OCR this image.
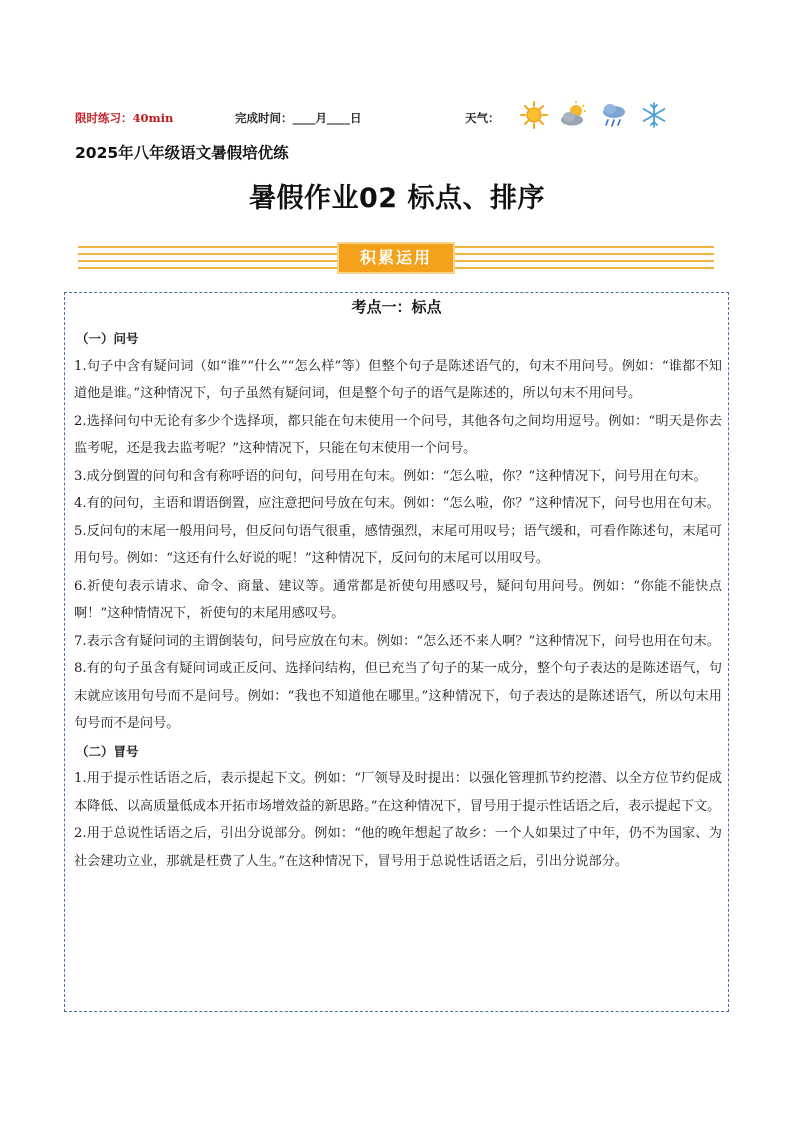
限时练习：40min	完成时间：____月____日	天气：
2025年八年级语文暑假培优练
暑假作业02 标点、排序
积累运用
考点一：标点

（一）问号

1.句子中含有疑问词（如“谁”“什么”“怎么样”等）但整个句子是陈述语气的，句末不用问号。例如：“谁都不知道他是谁。”这种情况下，句子虽然有疑问词，但是整个句子的语气是陈述的，所以句末不用问号。

2.选择问句中无论有多少个选择项，都只能在句末使用一个问号，其他各句之间均用逗号。例如：“明天是你去监考呢，还是我去监考呢？”这种情况下，只能在句末使用一个问号。

3.成分倒置的问句和含有称呼语的问句，问号用在句末。例如：“怎么啦，你？”这种情况下，问号用在句末。

4.有的问句，主语和谓语倒置，应注意把问号放在句末。例如：“怎么啦，你？”这种情况下，问号也用在句末。

5.反问句的末尾一般用问号，但反问句语气很重，感情强烈，末尾可用叹号；语气缓和，可看作陈述句，末尾可用句号。例如：“这还有什么好说的呢！”这种情况下，反问句的末尾可以用叹号。

6.祈使句表示请求、命令、商量、建议等。通常都是祈使句用感叹号，疑问句用问号。例如：“你能不能快点啊！”这种情情况下，祈使句的末尾用感叹号。

7.表示含有疑问词的主谓倒装句，问号应放在句末。例如：“怎么还不来人啊？”这种情况下，问号也用在句末。

8.有的句子虽含有疑问词或正反问、选择问结构，但已充当了句子的某一成分，整个句子表达的是陈述语气，句末就应该用句号而不是问号。例如：“我也不知道他在哪里。”这种情况下，句子表达的是陈述语气，所以句末用句号而不是问号。

（二）冒号

1.用于提示性话语之后，表示提起下文。例如：“厂领导及时提出：以强化管理抓节约挖潜、以全方位节约促成本降低、以高质量低成本开拓市场增效益的新思路。”在这种情况下，冒号用于提示性话语之后，表示提起下文。

2.用于总说性话语之后，引出分说部分。例如：“他的晚年想起了故乡：一个人如果过了中年，仍不为国家、为社会建功立业，那就是枉费了人生。”在这种情况下，冒号用于总说性话语之后，引出分说部分。
